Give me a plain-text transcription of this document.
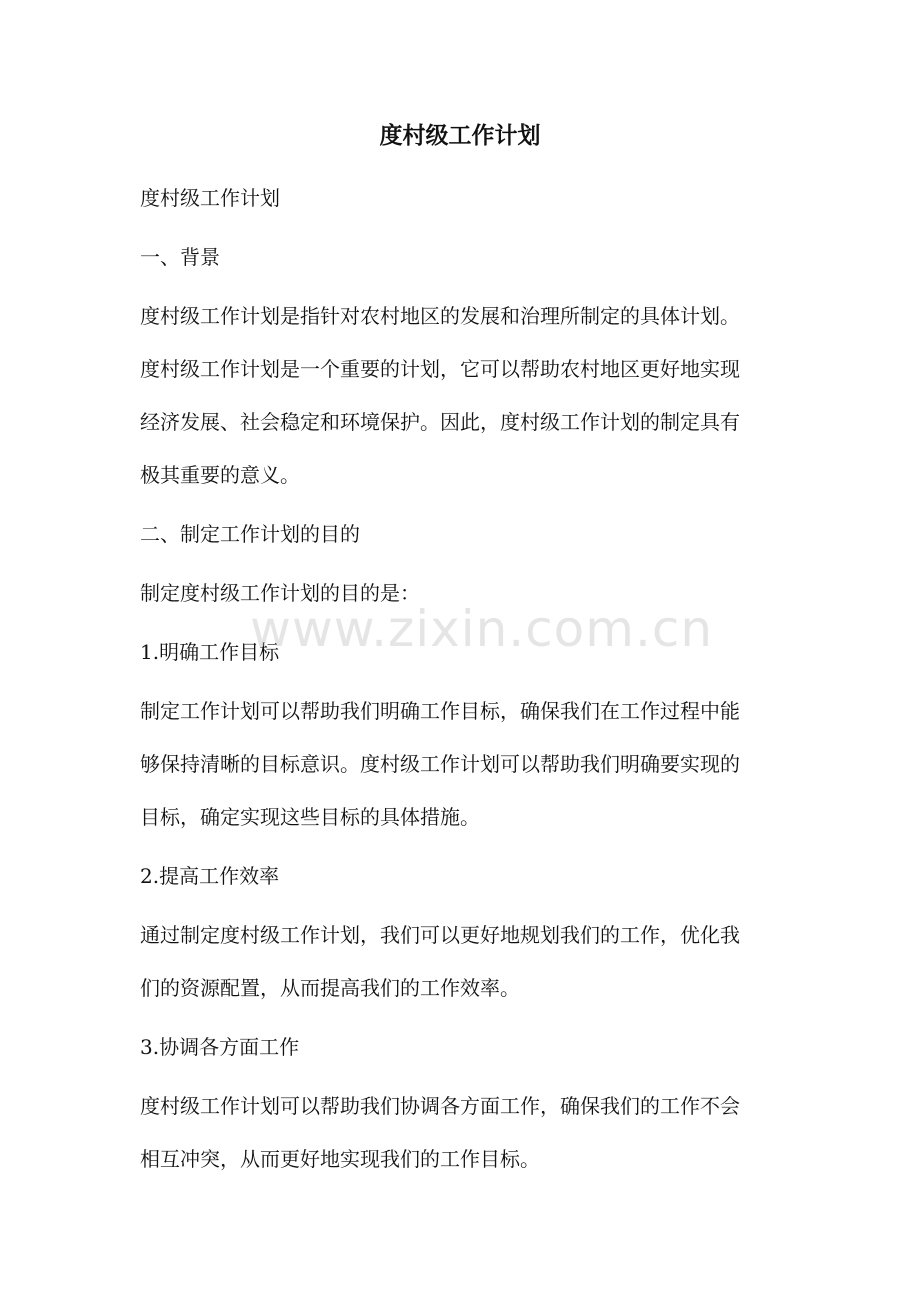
度村级工作计划

度村级工作计划

一、背景

度村级工作计划是指针对农村地区的发展和治理所制定的具体计划。
度村级工作计划是一个重要的计划，它可以帮助农村地区更好地实现
经济发展、社会稳定和环境保护。因此，度村级工作计划的制定具有
极其重要的意义。

二、制定工作计划的目的

制定度村级工作计划的目的是：

1.明确工作目标

制定工作计划可以帮助我们明确工作目标，确保我们在工作过程中能
够保持清晰的目标意识。度村级工作计划可以帮助我们明确要实现的
目标，确定实现这些目标的具体措施。

2.提高工作效率

通过制定度村级工作计划，我们可以更好地规划我们的工作，优化我
们的资源配置，从而提高我们的工作效率。

3.协调各方面工作

度村级工作计划可以帮助我们协调各方面工作，确保我们的工作不会
相互冲突，从而更好地实现我们的工作目标。

www.zixin.com.cn
